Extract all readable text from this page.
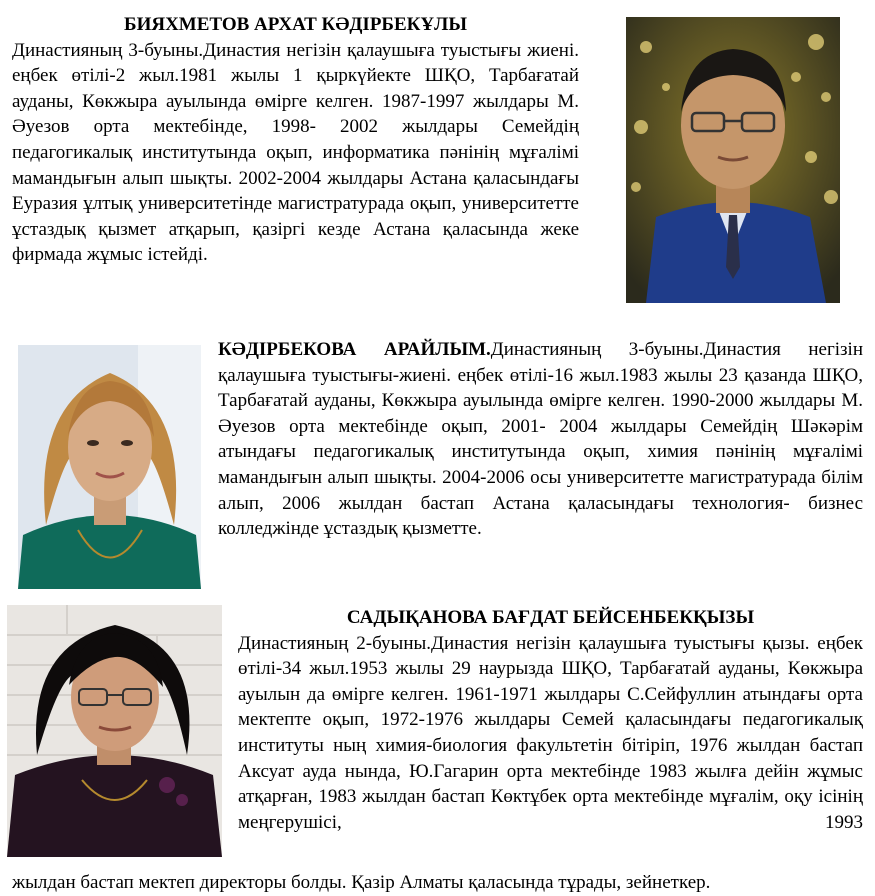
БИЯХМЕТОВ АРХАТ КӘДІРБЕКҰЛЫ
Династияның 3-буыны.Династия негізін қалаушыға туыстығы жиені. еңбек өтілі-2 жыл.1981 жылы 1 қыркүйекте ШҚО, Тарбағатай ауданы, Көкжыра ауылында өмірге келген. 1987-1997 жылдары М. Әуезов орта мектебінде, 1998- 2002 жылдары Семейдің педагогикалық институтында оқып, информатика пәнінің мұғалімі мамандығын алып шықты. 2002-2004 жылдары Астана қаласындағы Еуразия ұлтық университетінде магистратурада оқып, университетте ұстаздық қызмет атқарып, қазіргі кезде Астана қаласында жеке фирмада жұмыс істейді.
КӘДІРБЕКОВА АРАЙЛЫМ.Династияның 3-буыны.Династия негізін қалаушыға туыстығы-жиені. еңбек өтілі-16 жыл.1983 жылы 23 қазанда ШҚО, Тарбағатай ауданы, Көкжыра ауылында өмірге келген. 1990-2000 жылдары М. Әуезов орта мектебінде оқып, 2001- 2004 жылдары Семейдің Шәкәрім атындағы педагогикалық институтында оқып, химия пәнінің мұғалімі мамандығын алып шықты. 2004-2006 осы университетте магистратурада білім алып, 2006 жылдан бастап Астана қаласындағы технология- бизнес колледжінде ұстаздық қызметте.
САДЫҚАНОВА БАҒДАТ БЕЙСЕНБЕКҚЫЗЫ
Династияның 2-буыны.Династия негізін қалаушыға туыстығы қызы. еңбек өтілі-34 жыл.1953 жылы 29 наурызда ШҚО, Тарбағатай ауданы, Көкжыра ауылын да өмірге келген. 1961-1971 жылдары С.Сейфуллин атындағы орта мектепте оқып, 1972-1976 жылдары Семей қаласындағы педагогикалық институты ның химия-биология факультетін бітіріп, 1976 жылдан бастап Аксуат ауда нында, Ю.Гагарин орта мектебінде 1983 жылға дейін жұмыс атқарған, 1983 жылдан бастап Көктұбек орта мектебінде мұғалім, оқу ісінің меңгерушісі, 1993
жылдан бастап мектеп директоры болды. Қазір Алматы қаласында тұрады, зейнеткер.
